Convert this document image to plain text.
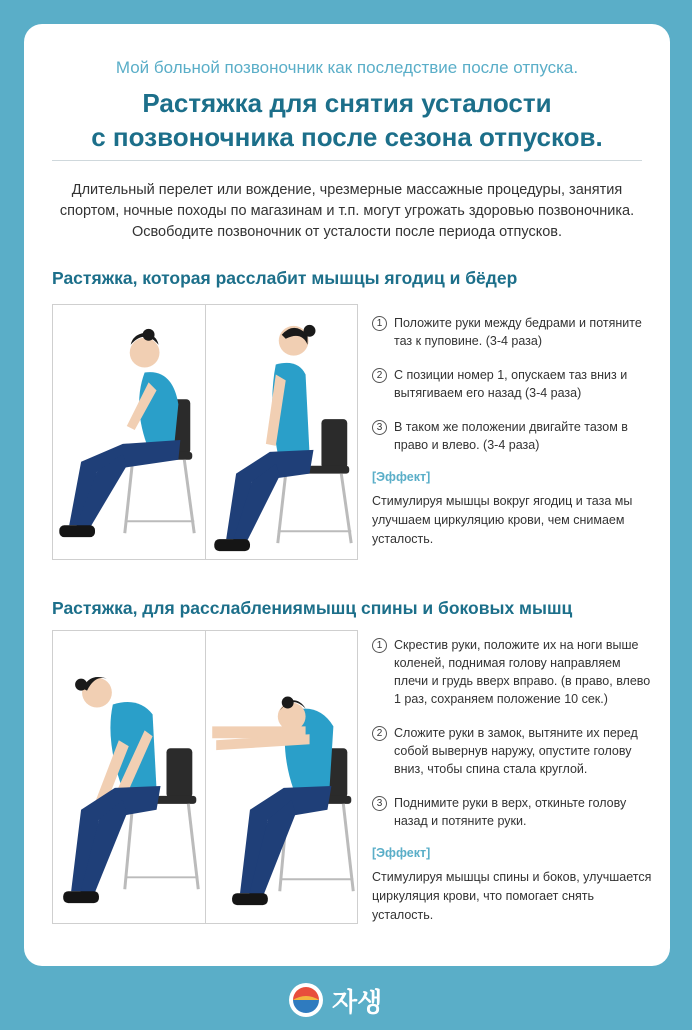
Мой больной позвоночник как последствие после отпуска.
Растяжка для снятия усталости
с позвоночника после сезона отпусков.
Длительный перелет или вождение, чрезмерные массажные процедуры, занятия спортом, ночные походы по магазинам и т.п. могут угрожать здоровью позвоночника. Освободите позвоночник от усталости после периода отпусков.
Растяжка, которая расслабит мышцы ягодиц и бёдер
1 Положите руки между бедрами и потяните таз к пуповине. (3-4 раза)
2 С позиции номер 1, опускаем таз вниз и вытягиваем его назад (3-4 раза)
3 В таком же положении двигайте тазом в право и влево. (3-4 раза)
[Эффект]
Стимулируя мышцы вокруг ягодиц и таза мы улучшаем циркуляцию крови, чем снимаем усталость.
Растяжка, для расслаблениямышц спины и боковых мышц
1 Скрестив руки, положите их на ноги выше коленей, поднимая голову направляем плечи и грудь вверх вправо. (в право, влево 1 раз, сохраняем положение 10 сек.)
2 Сложите руки в замок, вытяните их перед собой вывернув наружу, опустите голову вниз, чтобы спина стала круглой.
3 Поднимите руки в верх, откиньте голову назад и потяните руки.
[Эффект]
Стимулируя мышцы спины и боков, улучшается циркуляция крови, что помогает снять усталость.
자생
